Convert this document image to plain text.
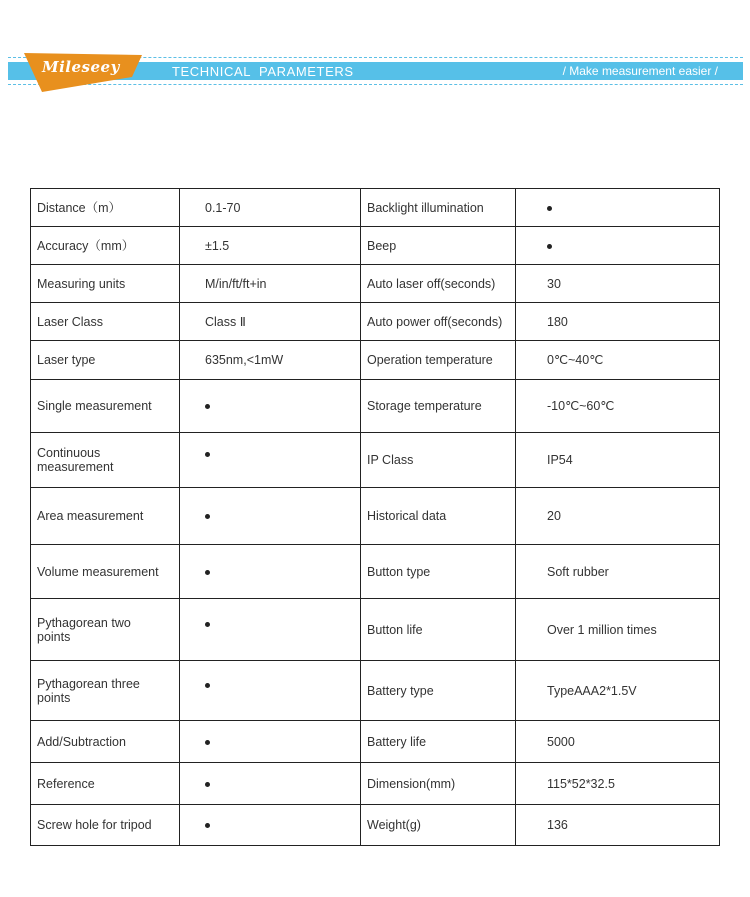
Mileseey	TECHNICAL  PARAMETERS	/ Make measurement easier /
Distance（m）	0.1-70	Backlight illumination	
Accuracy（mm）	±1.5	Beep	
Measuring units	M/in/ft/ft+in	Auto laser off(seconds)	30
Laser Class	Class Ⅱ	Auto power off(seconds)	180
Laser type	635nm,<1mW	Operation temperature	0℃~40℃
Single measurement		Storage temperature	-10℃~60℃
Continuous measurement		IP Class	IP54
Area measurement		Historical data	20
Volume measurement		Button type	Soft rubber
Pythagorean two points		Button life	Over 1 million times
Pythagorean three points		Battery type	TypeAAA2*1.5V
Add/Subtraction		Battery life	5000
Reference		Dimension(mm)	115*52*32.5
Screw hole for tripod		Weight(g)	136
